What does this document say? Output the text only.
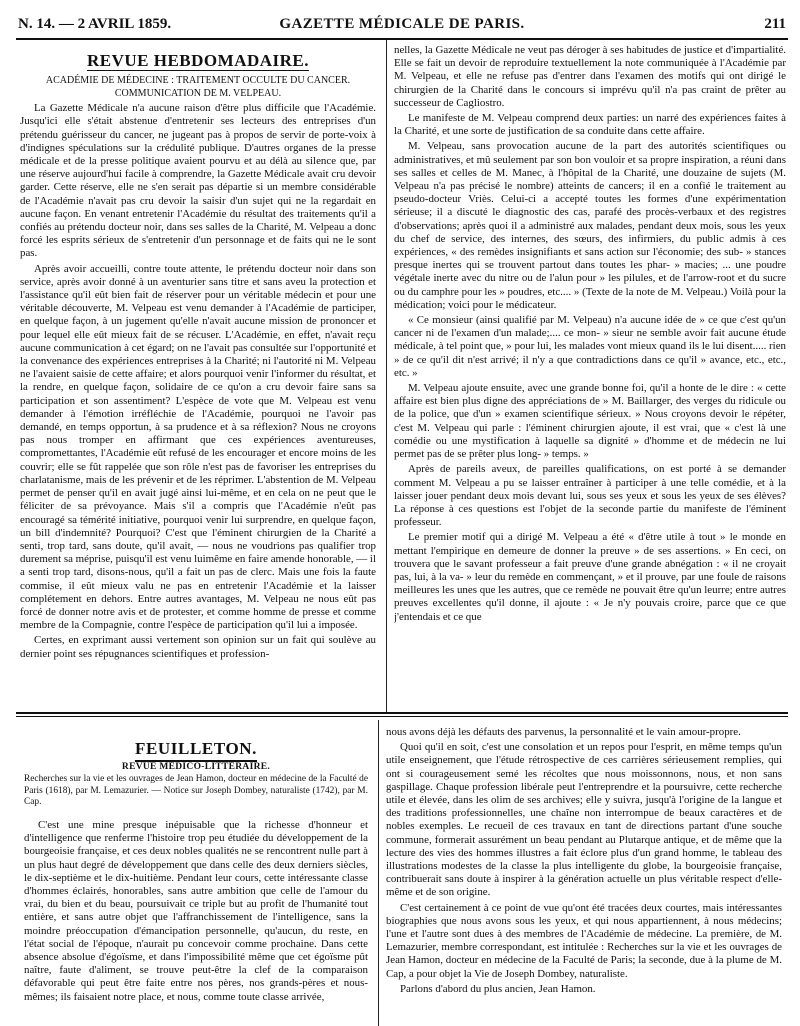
N. 14. — 2 AVRIL 1859.	GAZETTE MÉDICALE DE PARIS.	211
REVUE HEBDOMADAIRE.

ACADÉMIE DE MÉDECINE : TRAITEMENT OCCULTE DU CANCER. COMMUNICATION DE M. VELPEAU.

La Gazette Médicale n'a aucune raison d'être plus difficile que l'Académie. Jusqu'ici elle s'était abstenue d'entretenir ses lecteurs des entreprises d'un prétendu guérisseur du cancer, ne jugeant pas à propos de servir de porte-voix à d'indignes spéculations sur la crédulité publique. D'autres organes de la presse médicale et de la presse politique avaient pourvu et au délà au silence que, par une réserve aujourd'hui facile à comprendre, la Gazette Médicale avait cru devoir garder. Cette réserve, elle ne s'en serait pas départie si un membre considérable de l'Académie n'avait pas cru devoir la saisir d'un sujet qui ne la regardait en aucune façon. En venant entretenir l'Académie du résultat des traitements qu'il a confiés au prétendu docteur noir, dans ses salles de la Charité, M. Velpeau a donc forcé les esprits sérieux de s'entretenir d'un personnage et de faits qui ne le sont pas.

Après avoir accueilli, contre toute attente, le prétendu docteur noir dans son service, après avoir donné à un aventurier sans titre et sans aveu la protection et l'assistance qu'il eût bien fait de réserver pour un véritable médecin et pour une véritable découverte, M. Velpeau est venu demander à l'Académie de participer, en quelque façon, à un jugement qu'elle n'avait aucune mission de prononcer et pour lequel elle eût mieux fait de se récuser. L'Académie, en effet, n'avait reçu aucune communication à cet égard; on ne l'avait pas consultée sur l'opportunité et la convenance des expériences entreprises à la Charité; ni l'autorité ni M. Velpeau ne l'avaient saisie de cette affaire; et alors pourquoi venir l'informer du résultat, et la rendre, en quelque façon, solidaire de ce qu'on a cru devoir faire sans sa participation et son assentiment? L'espèce de vote que M. Velpeau est venu demander à l'émotion irréfléchie de l'Académie, pourquoi ne l'avoir pas demandé, en temps opportun, à sa prudence et à sa réflexion? Nous ne croyons pas nous tromper en affirmant que ces expériences aventureuses, compromettantes, l'Académie eût refusé de les encourager et encore moins de les couvrir; elle se fût rappelée que son rôle n'est pas de favoriser les entreprises du charlatanisme, mais de les prévenir et de les réprimer. L'abstention de M. Velpeau permet de penser qu'il en avait jugé ainsi lui-même, et en cela on ne peut que le féliciter de sa prévoyance. Mais s'il a compris que l'Académie n'eût pas encouragé sa témérité initiative, pourquoi venir lui surprendre, en quelque façon, un bill d'indemnité? Pourquoi? C'est que l'éminent chirurgien de la Charité a senti, trop tard, sans doute, qu'il avait, — nous ne voudrions pas qualifier trop durement sa méprise, puisqu'il est venu luimême en faire amende honorable, — il a senti trop tard, disons-nous, qu'il a fait un pas de clerc. Mais une fois la faute commise, il eût mieux valu ne pas en entretenir l'Académie et la laisser complétement en dehors. Entre autres avantages, M. Velpeau ne nous eût pas forcé de donner notre avis et de protester, et comme homme de presse et comme membre de la Compagnie, contre l'espèce de participation qu'il lui a imposée.

Certes, en exprimant aussi vertement son opinion sur un fait qui soulève au dernier point ses répugnances scientifiques et profession-

nelles, la Gazette Médicale ne veut pas déroger à ses habitudes de justice et d'impartialité. Elle se fait un devoir de reproduire textuellement la note communiquée à l'Académie par M. Velpeau, et elle ne refuse pas d'entrer dans l'examen des motifs qui ont dirigé le chirurgien de la Charité dans le concours si imprévu qu'il n'a pas craint de prêter au successeur de Cagliostro.

Le manifeste de M. Velpeau comprend deux parties: un narré des expériences faites à la Charité, et une sorte de justification de sa conduite dans cette affaire.

M. Velpeau, sans provocation aucune de la part des autorités scientifiques ou administratives, et mû seulement par son bon vouloir et sa propre inspiration, a réuni dans ses salles et celles de M. Manec, à l'hôpital de la Charité, une douzaine de sujets (M. Velpeau n'a pas précisé le nombre) atteints de cancers; il en a confié le traitement au pseudo-docteur Vriès. Celui-ci a accepté toutes les formes d'une expérimentation sérieuse; il a discuté le diagnostic des cas, parafé des procès-verbaux et des registres d'observations; après quoi il a administré aux malades, pendant deux mois, sous les yeux du chef de service, des internes, des sœurs, des infirmiers, du public admis à ces expériences, « des remèdes insignifiants et sans action sur l'économie; des sub- » stances presque inertes qui se trouvent partout dans toutes les phar- » macies; ... une poudre végétale inerte avec du nitre ou de l'alun pour » les pilules, et de l'arrow-root et du sucre ou du camphre pour les » poudres, etc.... » (Texte de la note de M. Velpeau.) Voilà pour la médication; voici pour le médicateur.

« Ce monsieur (ainsi qualifié par M. Velpeau) n'a aucune idée de » ce que c'est qu'un cancer ni de l'examen d'un malade;.... ce mon- » sieur ne semble avoir fait aucune étude médicale, à tel point que, » pour lui, les malades vont mieux quand ils le lui disent..... rien » de ce qu'il dit n'est arrivé; il n'y a que contradictions dans ce qu'il » avance, etc., etc., etc. »

M. Velpeau ajoute ensuite, avec une grande bonne foi, qu'il a honte de le dire : « cette affaire est bien plus digne des appréciations de » M. Baillarger, des verges du ridicule ou de la police, que d'un » examen scientifique sérieux. » Nous croyons devoir le répéter, c'est M. Velpeau qui parle : l'éminent chirurgien ajoute, il est vrai, que « c'est là une comédie ou une mystification à laquelle sa dignité » d'homme et de médecin ne lui permet pas de se prêter plus long- » temps. »

Après de pareils aveux, de pareilles qualifications, on est porté à se demander comment M. Velpeau a pu se laisser entraîner à participer à une telle comédie, et à la laisser jouer pendant deux mois devant lui, sous ses yeux et sous les yeux de ses élèves? La réponse à ces questions est l'objet de la seconde partie du manifeste de l'éminent professeur.

Le premier motif qui a dirigé M. Velpeau a été « d'être utile à tout » le monde en mettant l'empirique en demeure de donner la preuve » de ses assertions. » En ceci, on trouvera que le savant professeur a fait preuve d'une grande abnégation : « il ne croyait pas, lui, à la va- » leur du remède en commençant, » et il prouve, par une foule de raisons meilleures les unes que les autres, que ce remède ne pouvait être qu'un leurre; entre autres preuves excellentes qu'il donne, il ajoute : « Je n'y pouvais croire, parce que ce que j'entendais et ce que

FEUILLETON.

REVUE MÉDICO-LITTÉRAIRE.

Recherches sur la vie et les ouvrages de Jean Hamon, docteur en médecine de la Faculté de Paris (1618), par M. Lemazurier. — Notice sur Joseph Dombey, naturaliste (1742), par M. Cap.

C'est une mine presque inépuisable que la richesse d'honneur et d'intelligence que renferme l'histoire trop peu étudiée du développement de la bourgeoisie française, et ces deux nobles qualités ne se rencontrent nulle part à un plus haut degré de développement que dans celle des deux derniers siècles, le dix-septième et le dix-huitième. Pendant leur cours, cette intéressante classe d'hommes éclairés, honorables, sans autre ambition que celle de l'amour du vrai, du bien et du beau, poursuivait ce triple but au profit de l'humanité tout entière, et sans autre objet que l'affranchissement de l'intelligence, sans la moindre préoccupation d'émancipation personnelle, qu'aucun, du reste, en l'état social de l'époque, n'aurait pu concevoir comme prochaine. Dans cette absence absolue d'égoïsme, et dans l'impossibilité même que cet égoïsme pût naître, faute d'aliment, se trouve peut-être la clef de la comparaison défavorable qui peut être faite entre nos pères, nos grands-pères et nous-mêmes; ils faisaient notre place, et nous, comme toute classe arrivée,

nous avons déjà les défauts des parvenus, la personnalité et le vain amour-propre.

Quoi qu'il en soit, c'est une consolation et un repos pour l'esprit, en même temps qu'un utile enseignement, que l'étude rétrospective de ces carrières sérieusement remplies, qui ont si courageusement semé les récoltes que nous moissonnons, nous, et non sans gaspillage. Chaque profession libérale peut l'entreprendre et la poursuivre, cette recherche utile et élevée, dans les olim de ses archives; elle y suivra, jusqu'à l'origine de la langue et des traditions professionnelles, une chaîne non interrompue de beaux caractères et de nobles exemples. Le recueil de ces travaux en tant de directions partant d'une souche commune, formerait assurément un beau pendant au Plutarque antique, et de même que la lecture des vies des hommes illustres a fait éclore plus d'un grand homme, le tableau des illustrations modestes de la classe la plus intelligente du globe, la bourgeoisie française, contribuerait sans doute à inspirer à la génération actuelle un plus véritable respect d'elle-même et de son origine.

C'est certainement à ce point de vue qu'ont été tracées deux courtes, mais intéressantes biographies que nous avons sous les yeux, et qui nous appartiennent, à nous médecins; l'une et l'autre sont dues à des membres de l'Académie de médecine. La première, de M. Lemazurier, membre correspondant, est intitulée : Recherches sur la vie et les ouvrages de Jean Hamon, docteur en médecine de la Faculté de Paris; la seconde, due à la plume de M. Cap, a pour objet la Vie de Joseph Dombey, naturaliste.

Parlons d'abord du plus ancien, Jean Hamon.
